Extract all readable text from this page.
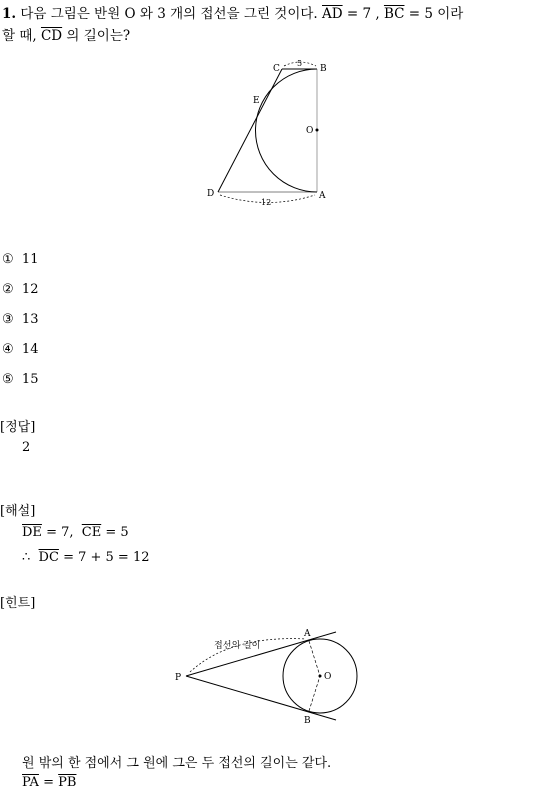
1. 다음 그림은 반원 O 와 3 개의 접선을 그린 것이다. $\overline{AD} = 7$ , $\overline{BC} = 5$ 이라
할 때, $\overline{CD}$ 의 길이는?
C	B
E
O
D	A
5
12
① 11
② 12
③ 13
④ 14
⑤ 15
[정답]
2
[해설]
$\overline{DE} = 7$, $\overline{CE} = 5$
∴ $\overline{DC} = 7 + 5 = 12$
[힌트]
A
P	O
B
접선의 길이
원 밖의 한 점에서 그 원에 그은 두 접선의 길이는 같다.
$\overline{PA} = \overline{PB}$
